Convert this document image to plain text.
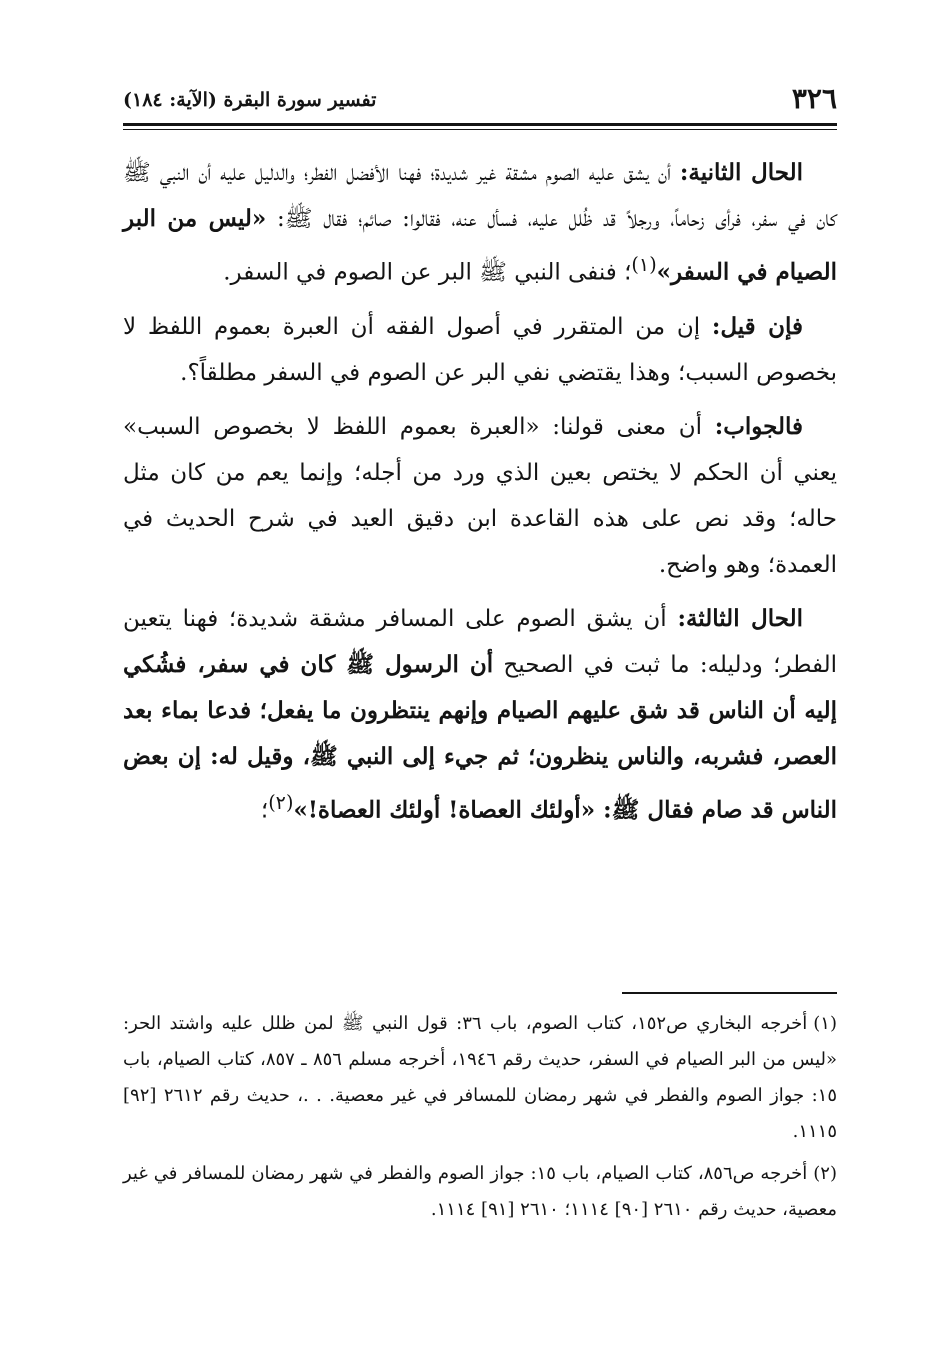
٣٢٦
تفسير سورة البقرة (الآية: ١٨٤)

الحال الثانية: أن يشق عليه الصوم مشقة غير شديدة؛ فهنا الأفضل الفطر؛ والدليل عليه أن النبي ﷺ كان في سفر، فرأى زحاماً، ورجلاً قد ظُلل عليه، فسأل عنه، فقالوا: صائم؛ فقال ﷺ: «ليس من البر الصيام في السفر»$^{(١)}$؛ فنفى النبي ﷺ البر عن الصوم في السفر.

فإن قيل: إن من المتقرر في أصول الفقه أن العبرة بعموم اللفظ لا بخصوص السبب؛ وهذا يقتضي نفي البر عن الصوم في السفر مطلقاً؟.

فالجواب: أن معنى قولنا: «العبرة بعموم اللفظ لا بخصوص السبب» يعني أن الحكم لا يختص بعين الذي ورد من أجله؛ وإنما يعم من كان مثل حاله؛ وقد نص على هذه القاعدة ابن دقيق العيد في شرح الحديث في العمدة؛ وهو واضح.

الحال الثالثة: أن يشق الصوم على المسافر مشقة شديدة؛ فهنا يتعين الفطر؛ ودليله: ما ثبت في الصحيح أن الرسول ﷺ كان في سفر، فشُكي إليه أن الناس قد شق عليهم الصيام وإنهم ينتظرون ما يفعل؛ فدعا بماء بعد العصر، فشربه، والناس ينظرون؛ ثم جيء إلى النبي ﷺ، وقيل له: إن بعض الناس قد صام فقال ﷺ: «أولئك العصاة! أولئك العصاة!»$^{(٢)}$؛

(١)أخرجه البخاري ص١٥٢، كتاب الصوم، باب ٣٦: قول النبي ﷺ لمن ظلل عليه واشتد الحر: «ليس من البر الصيام في السفر، حديث رقم ١٩٤٦، أخرجه مسلم ٨٥٦ ـ ٨٥٧، كتاب الصيام، باب ١٥: جواز الصوم والفطر في شهر رمضان للمسافر في غير معصية. . .، حديث رقم ٢٦١٢ [٩٢] ١١١٥.

(٢)أخرجه ص٨٥٦، كتاب الصيام، باب ١٥: جواز الصوم والفطر في شهر رمضان للمسافر في غير معصية، حديث رقم ٢٦١٠ [٩٠] ١١١٤؛ ٢٦١٠ [٩١] ١١١٤.
